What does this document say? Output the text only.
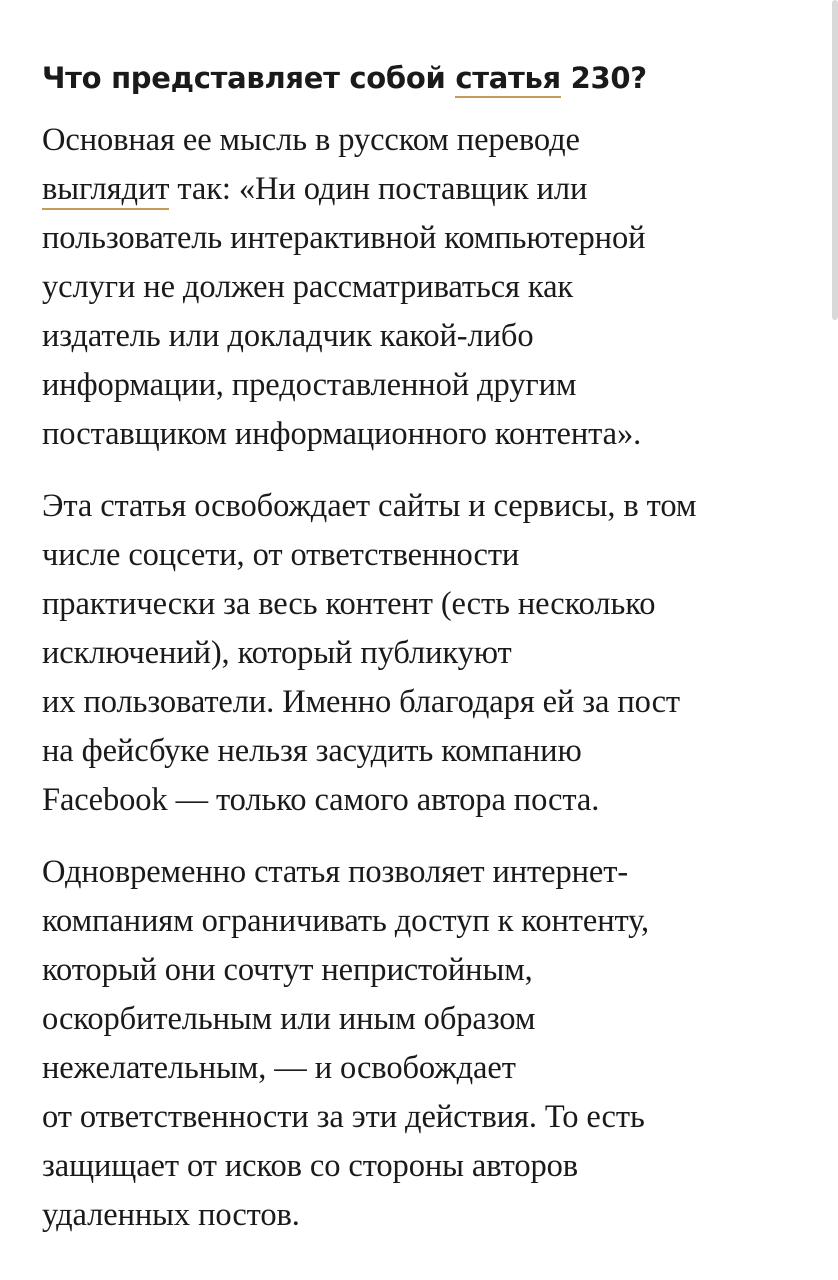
Что представляет собой статья 230?

Основная ее мысль в русском переводе
выглядит так: «Ни один поставщик или
пользователь интерактивной компьютерной
услуги не должен рассматриваться как
издатель или докладчик какой-либо
информации, предоставленной другим
поставщиком информационного контента».

Эта статья освобождает сайты и сервисы, в том
числе соцсети, от ответственности
практически за весь контент (есть несколько
исключений), который публикуют
их пользователи. Именно благодаря ей за пост
на фейсбуке нельзя засудить компанию
Facebook — только самого автора поста.

Одновременно статья позволяет интернет-
компаниям ограничивать доступ к контенту,
который они сочтут непристойным,
оскорбительным или иным образом
нежелательным, — и освобождает
от ответственности за эти действия. То есть
защищает от исков со стороны авторов
удаленных постов.
